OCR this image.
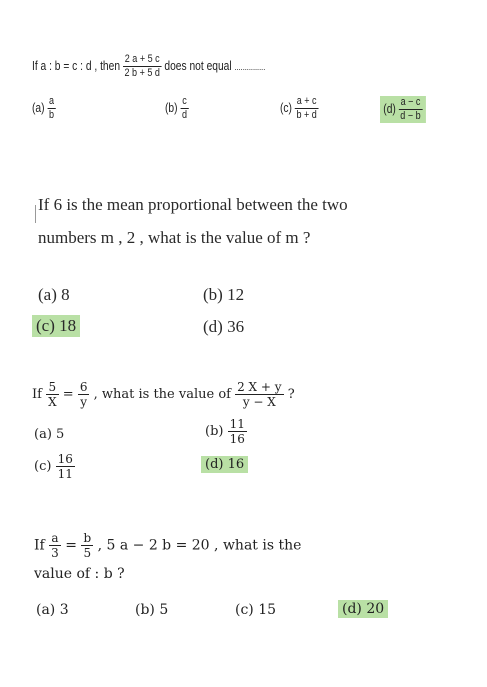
If a : b = c : d , then $\frac{2 a + 5 c}{2 b + 5 d}$ does not equal ...............
$(a) \frac{a}{b}$	$(b) \frac{c}{d}$	$(c) \frac{a + c}{b + d}$	$(d) \frac{a - c}{d - b}$
If 6 is the mean proportional between the two
numbers m , 2 , what is the value of m ?
(a) 8	(b) 12
(c) 18	(d) 36
If $\frac{5}{X} = \frac{6}{y}$ , what is the value of $\frac{2 X + y}{y - X}$ ?
(a) 5	$(b) \frac{11}{16}$
$(c) \frac{16}{11}$	(d) 16
If $\frac{a}{3} = \frac{b}{5}$ , 5 a − 2 b = 20 , what is the
value of : b ?
(a) 3	(b) 5	(c) 15	(d) 20
